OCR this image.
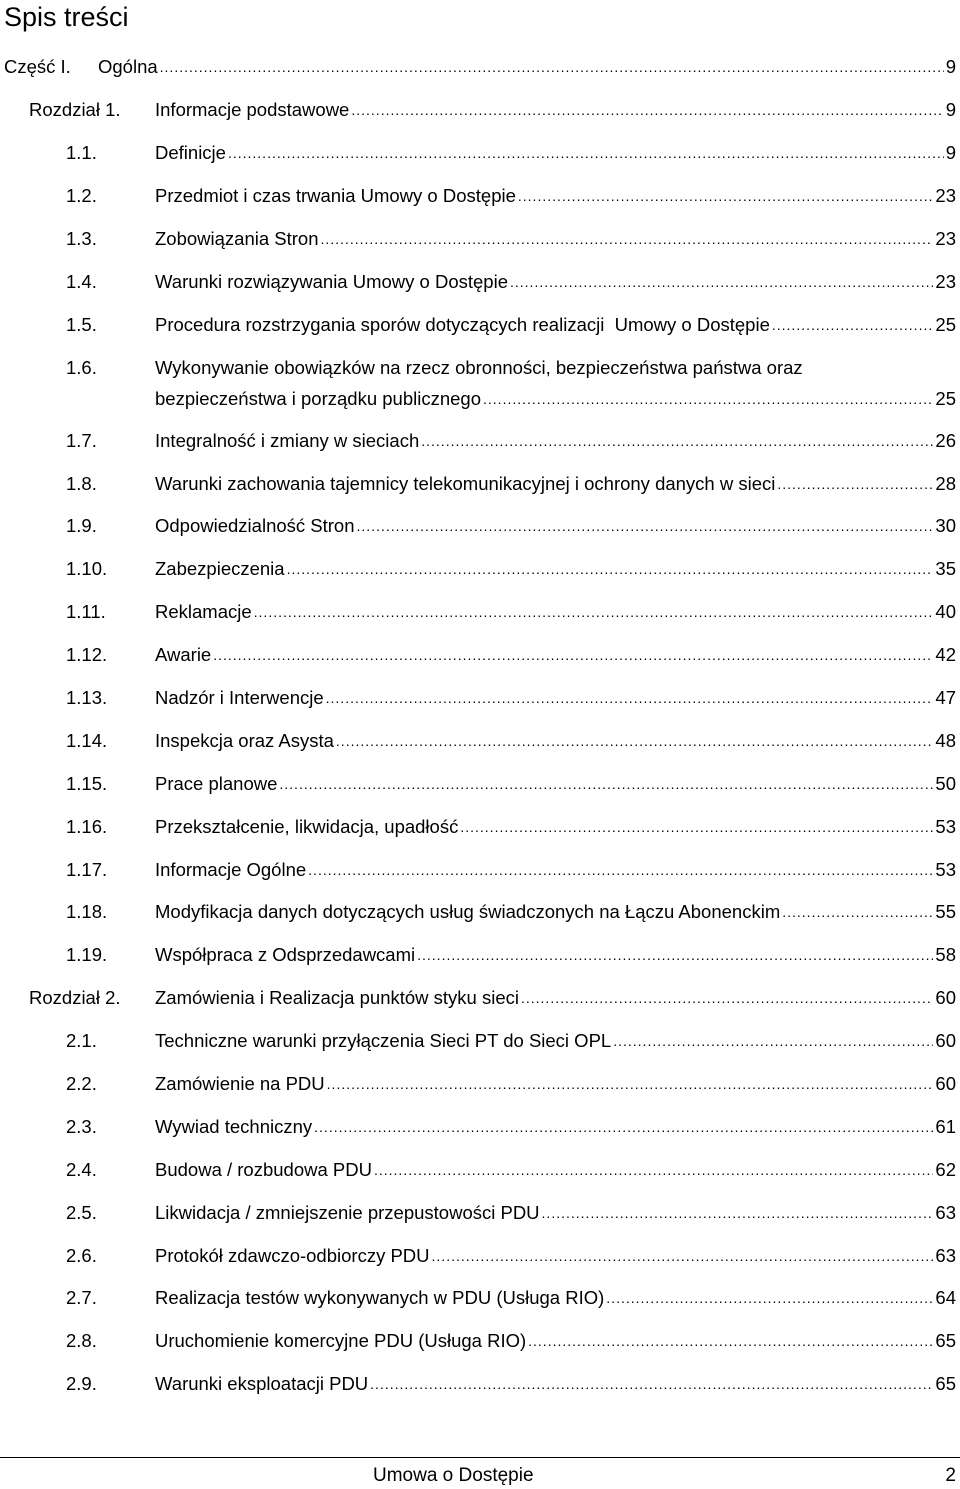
Spis treści
Część I. Ogólna .....	9
Rozdział 1. Informacje podstawowe .....	9
1.1.	Definicje .....	9
1.2.	Przedmiot i czas trwania Umowy o Dostępie .....	23
1.3.	Zobowiązania Stron .....	23
1.4.	Warunki rozwiązywania Umowy o Dostępie .....	23
1.5.	Procedura rozstrzygania sporów dotyczących realizacji  Umowy o Dostępie .....	25
1.6.	Wykonywanie obowiązków na rzecz obronności, bezpieczeństwa państwa oraz
bezpieczeństwa i porządku publicznego .....	25
1.7.	Integralność i zmiany w sieciach .....	26
1.8.	Warunki zachowania tajemnicy telekomunikacyjnej i ochrony danych w sieci .....	28
1.9.	Odpowiedzialność Stron .....	30
1.10.	Zabezpieczenia .....	35
1.11.	Reklamacje .....	40
1.12.	Awarie .....	42
1.13.	Nadzór i Interwencje .....	47
1.14.	Inspekcja oraz Asysta .....	48
1.15.	Prace planowe .....	50
1.16.	Przekształcenie, likwidacja, upadłość .....	53
1.17.	Informacje Ogólne .....	53
1.18.	Modyfikacja danych dotyczących usług świadczonych na Łączu Abonenckim .....	55
1.19.	Współpraca z Odsprzedawcami .....	58
Rozdział 2. Zamówienia i Realizacja punktów styku sieci .....	60
2.1.	Techniczne warunki przyłączenia Sieci PT do Sieci OPL .....	60
2.2.	Zamówienie na PDU .....	60
2.3.	Wywiad techniczny .....	61
2.4.	Budowa / rozbudowa PDU .....	62
2.5.	Likwidacja / zmniejszenie przepustowości PDU .....	63
2.6.	Protokół zdawczo-odbiorczy PDU .....	63
2.7.	Realizacja testów wykonywanych w PDU (Usługa RIO) .....	64
2.8.	Uruchomienie komercyjne PDU (Usługa RIO) .....	65
2.9.	Warunki eksploatacji PDU .....	65
Umowa o Dostępie	2
